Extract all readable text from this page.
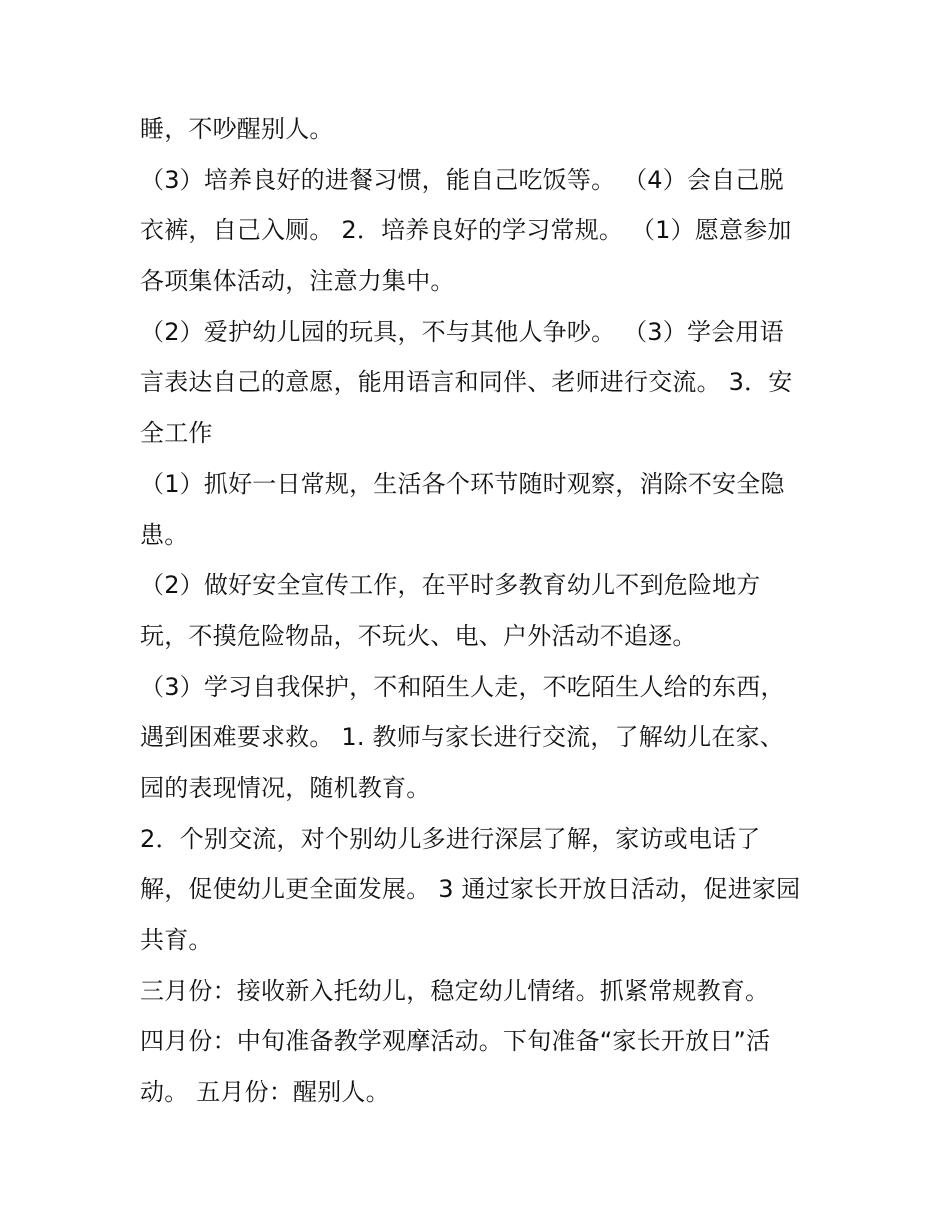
睡，不吵醒别人。
（3）培养良好的进餐习惯，能自己吃饭等。 （4）会自己脱
衣裤，自己入厕。 2．培养良好的学习常规。 （1）愿意参加
各项集体活动，注意力集中。
（2）爱护幼儿园的玩具，不与其他人争吵。 （3）学会用语
言表达自己的意愿，能用语言和同伴、老师进行交流。 3．安
全工作
（1）抓好一日常规，生活各个环节随时观察，消除不安全隐
患。
（2）做好安全宣传工作，在平时多教育幼儿不到危险地方
玩，不摸危险物品，不玩火、电、户外活动不追逐。
（3）学习自我保护，不和陌生人走，不吃陌生人给的东西，
遇到困难要求救。 1. 教师与家长进行交流，了解幼儿在家、
园的表现情况，随机教育。
2．个别交流，对个别幼儿多进行深层了解，家访或电话了
解，促使幼儿更全面发展。 3 通过家长开放日活动，促进家园
共育。
三月份：接收新入托幼儿，稳定幼儿情绪。抓紧常规教育。
四月份：中旬准备教学观摩活动。下旬准备“家长开放日”活
动。 五月份：醒别人。
